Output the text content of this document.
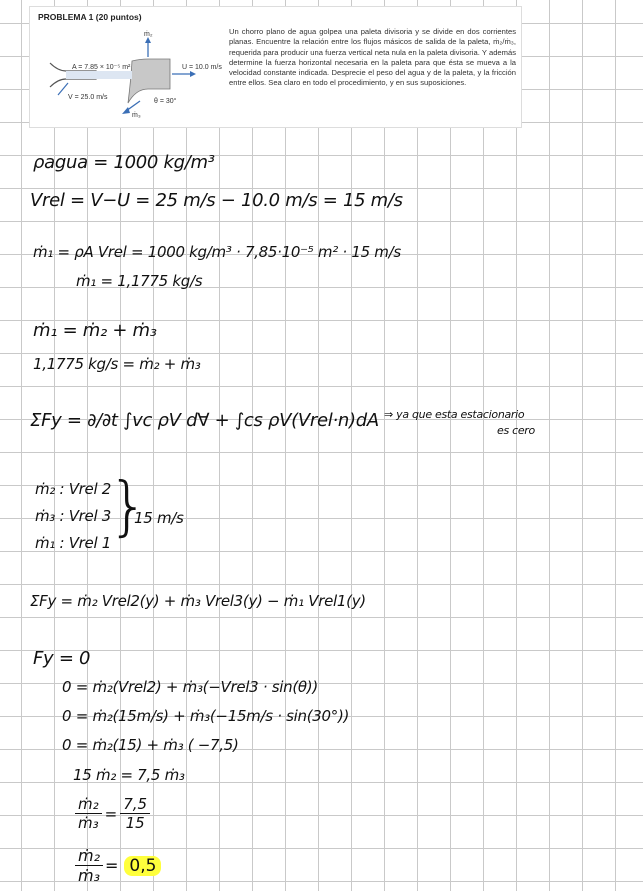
PROBLEMA 1 (20 puntos)
ṁ₂
A = 7.85 × 10⁻⁵ m²
V = 25.0 m/s
U = 10.0 m/s
ṁ₃
θ = 30°
Un chorro plano de agua golpea una paleta divisoria y se divide en dos corrientes planas. Encuentre la relación entre los flujos másicos de salida de la paleta, ṁ₂/ṁ₃, requerida para producir una fuerza vertical neta nula en la paleta divisoria. Y además determine la fuerza horizontal necesaria en la paleta para que ésta se mueva a la velocidad constante indicada. Desprecie el peso del agua y de la paleta, y la fricción entre ellos. Sea claro en todo el procedimiento, y en sus suposiciones.
ρagua = 1000 kg/m³
Vrel = V−U = 25 m/s − 10.0 m/s = 15 m/s
ṁ₁ = ρA Vrel = 1000 kg/m³ · 7,85·10⁻⁵ m² · 15 m/s
ṁ₁ = 1,1775 kg/s
ṁ₁ = ṁ₂ + ṁ₃
1,1775 kg/s = ṁ₂ + ṁ₃
ΣFy = ∂/∂t ∫vc ρV d∀ + ∫cs ρV(Vrel·n)dA ⇒ ya que esta estacionario
es cero
ṁ₂ : Vrel 2
ṁ₃ : Vrel 3
ṁ₁ : Vrel 1
}
15 m/s
ΣFy = ṁ₂ Vrel2(y) + ṁ₃ Vrel3(y) − ṁ₁ Vrel1(y)
Fy = 0
0 = ṁ₂(Vrel2) + ṁ₃(−Vrel3 · sin(θ))
0 = ṁ₂(15m/s) + ṁ₃(−15m/s · sin(30°))
0 = ṁ₂(15) + ṁ₃ ( −7,5)
15 ṁ₂ = 7,5 ṁ₃
$\frac{\text{ṁ₂}}{\text{ṁ₃}} = \frac{7,5}{15}$
$\frac{\text{ṁ₂}}{\text{ṁ₃}} = 0,5$
